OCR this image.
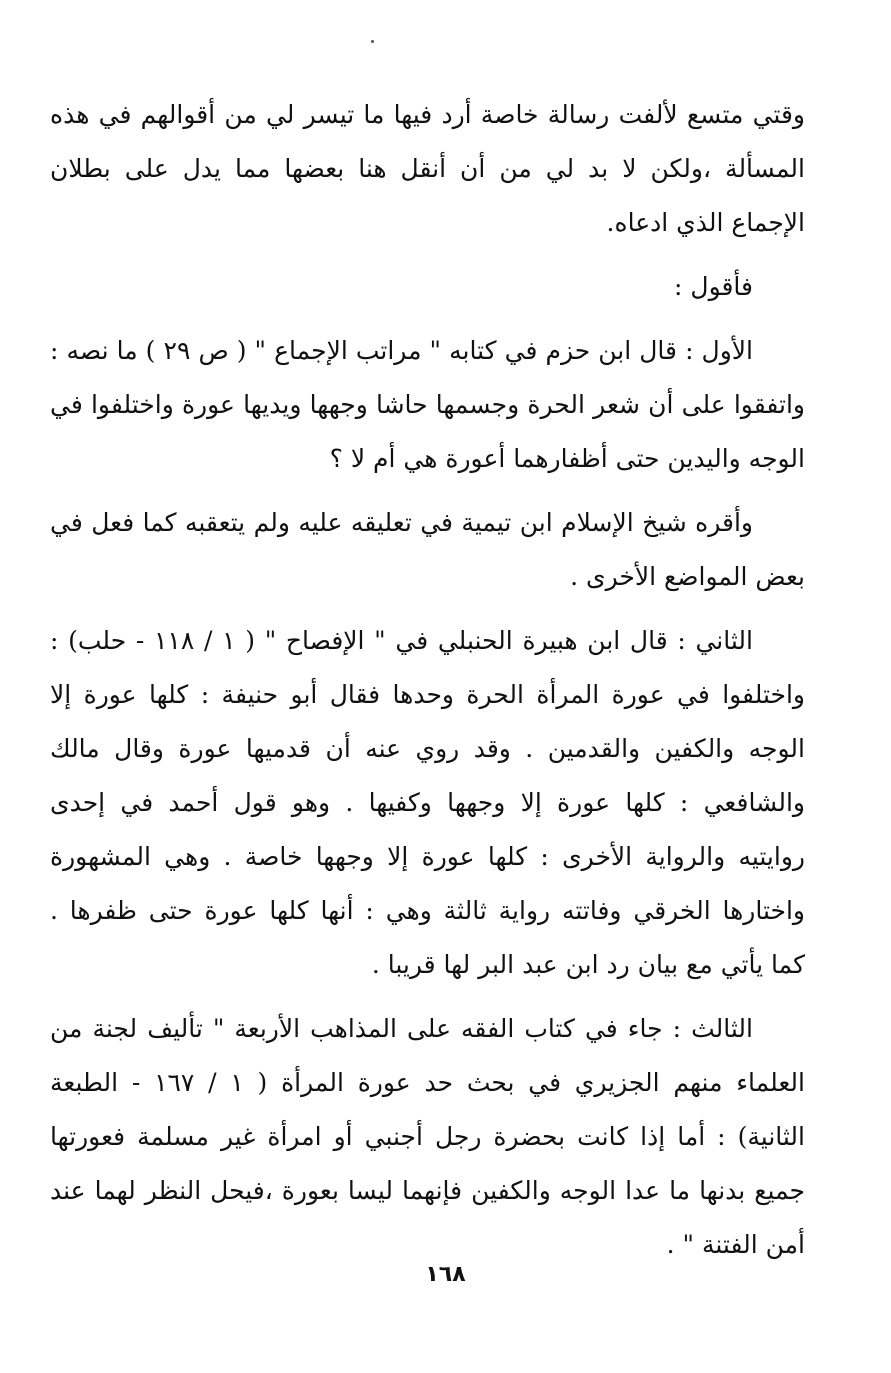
وقتي متسع لألفت رسالة خاصة أرد فيها ما تيسر لي من أقوالهم في هذه
المسألة ،ولكن لا بد لي من أن أنقل هنا بعضها مما يدل على بطلان
الإجماع الذي ادعاه.
فأقول :
الأول : قال ابن حزم في كتابه " مراتب الإجماع " ( ص ٢٩ ) ما نصه :
واتفقوا على أن شعر الحرة وجسمها حاشا وجهها ويديها عورة واختلفوا في
الوجه واليدين حتى أظفارهما أعورة هي أم لا ؟
وأقره شيخ الإسلام ابن تيمية في تعليقه عليه ولم يتعقبه كما فعل في
بعض المواضع الأخرى .
الثاني : قال ابن هبيرة الحنبلي في " الإفصاح " ( ١ / ١١٨ - حلب) :
واختلفوا في عورة المرأة الحرة وحدها فقال أبو حنيفة : كلها عورة إلا
الوجه والكفين والقدمين . وقد روي عنه أن قدميها عورة وقال مالك
والشافعي : كلها عورة إلا وجهها وكفيها . وهو قول أحمد في إحدى
روايتيه والرواية الأخرى : كلها عورة إلا وجهها خاصة . وهي المشهورة
واختارها الخرقي وفاتته رواية ثالثة وهي : أنها كلها عورة حتى ظفرها .
كما يأتي مع بيان رد ابن عبد البر لها قريبا .
الثالث : جاء في كتاب الفقه على المذاهب الأربعة " تأليف لجنة من
العلماء منهم الجزيري في بحث حد عورة المرأة ( ١ / ١٦٧ - الطبعة
الثانية) : أما إذا كانت بحضرة رجل أجنبي أو امرأة غير مسلمة فعورتها
جميع بدنها ما عدا الوجه والكفين فإنهما ليسا بعورة ،فيحل النظر لهما عند
أمن الفتنة " .
١٦٨
